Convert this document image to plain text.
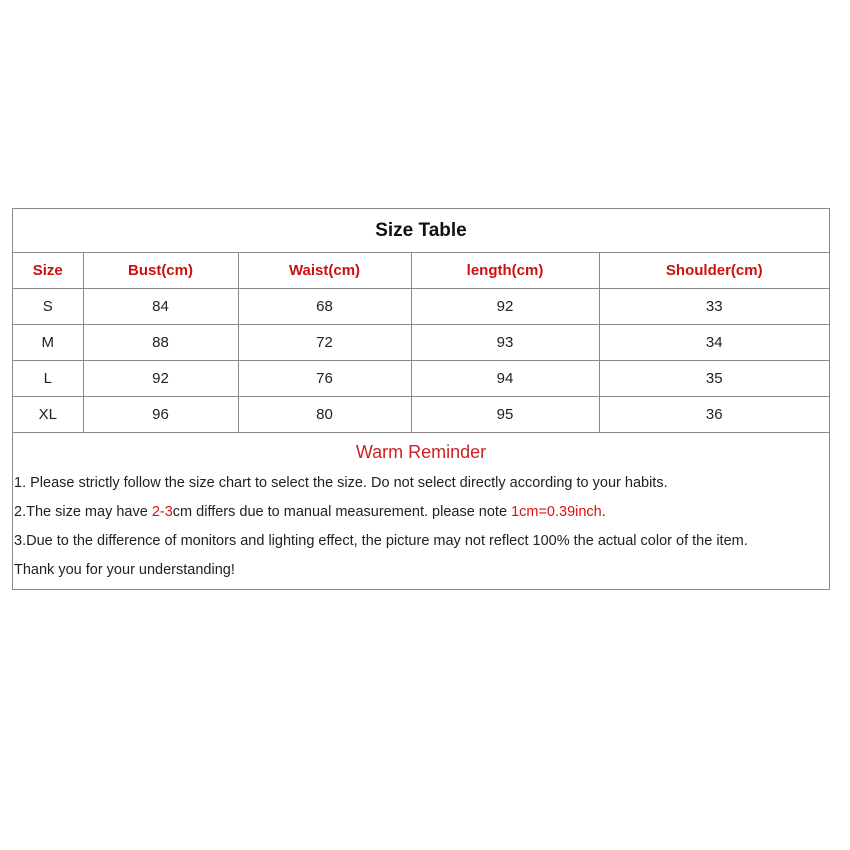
Size Table
Size	Bust(cm)	Waist(cm)	length(cm)	Shoulder(cm)
S	84	68	92	33
M	88	72	93	34
L	92	76	94	35
XL	96	80	95	36
Warm Reminder
1. Please strictly follow the size chart to select the size. Do not select directly according to your habits.
2.The size may have 2-3cm differs due to manual measurement. please note 1cm=0.39inch.
3.Due to the difference of monitors and lighting effect, the picture may not reflect 100% the actual color of the item.
Thank you for your understanding!
